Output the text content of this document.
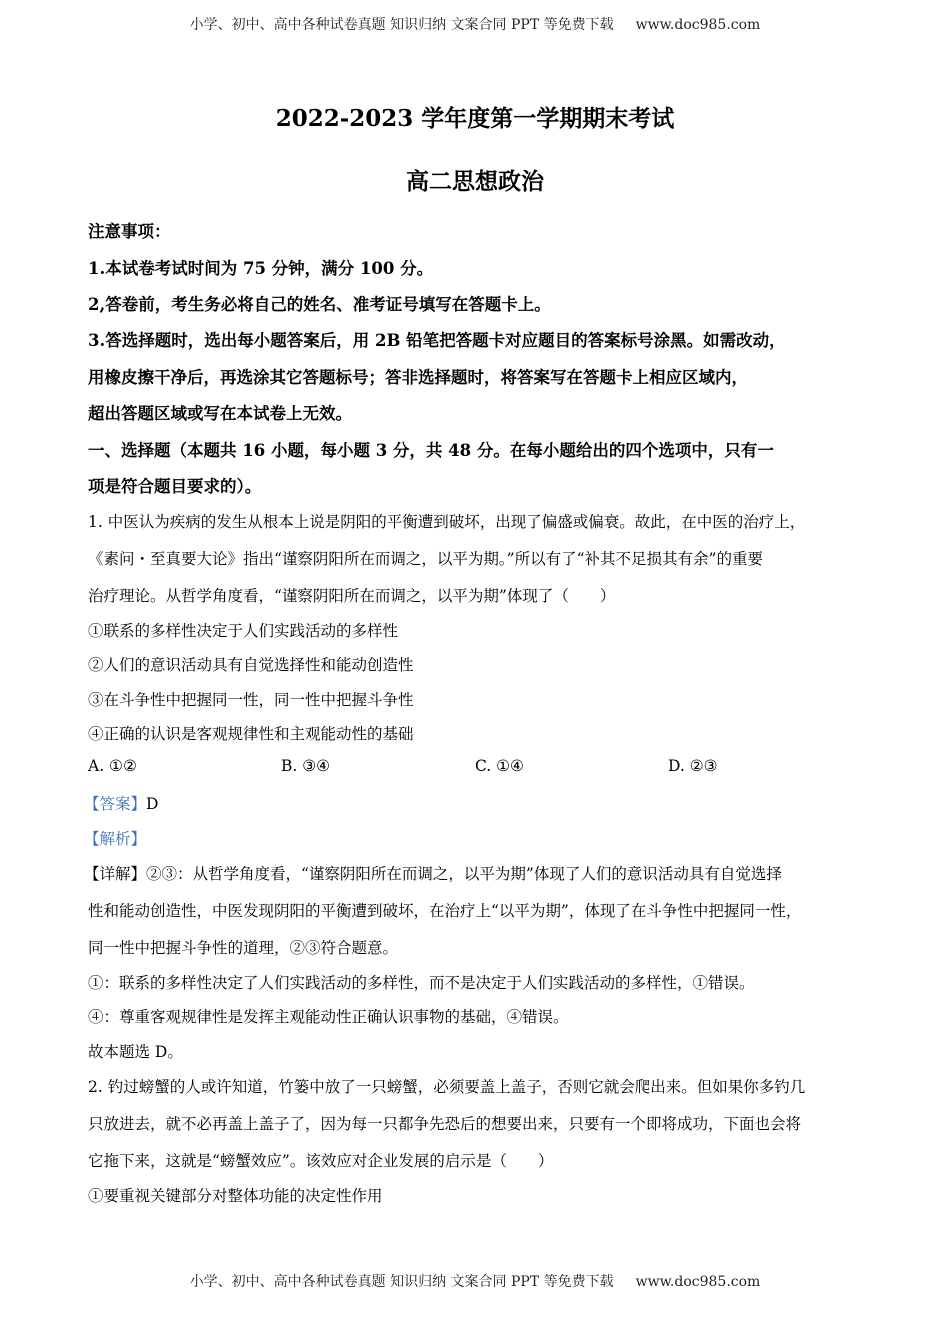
小学、初中、高中各种试卷真题 知识归纳 文案合同 PPT 等免费下载 www.doc985.com
2022-2023 学年度第一学期期末考试
高二思想政治
注意事项：
1.本试卷考试时间为 75 分钟，满分 100 分。
2,答卷前，考生务必将自己的姓名、准考证号填写在答题卡上。
3.答选择题时，选出每小题答案后，用 2B 铅笔把答题卡对应题目的答案标号涂黑。如需改动，
用橡皮擦干净后，再选涂其它答题标号；答非选择题时，将答案写在答题卡上相应区域内，
超出答题区域或写在本试卷上无效。
一、选择题（本题共 16 小题，每小题 3 分，共 48 分。在每小题给出的四个选项中，只有一
项是符合题目要求的）。
1. 中医认为疾病的发生从根本上说是阴阳的平衡遭到破坏，出现了偏盛或偏衰。故此，在中医的治疗上，
《素问・至真要大论》指出“谨察阴阳所在而调之，以平为期。”所以有了“补其不足损其有余”的重要
治疗理论。从哲学角度看，“谨察阴阳所在而调之，以平为期”体现了（　　）
①联系的多样性决定于人们实践活动的多样性
②人们的意识活动具有自觉选择性和能动创造性
③在斗争性中把握同一性，同一性中把握斗争性
④正确的认识是客观规律性和主观能动性的基础
A. ①②	B. ③④	C. ①④	D. ②③
【答案】D
【解析】
【详解】②③：从哲学角度看，“谨察阴阳所在而调之，以平为期”体现了人们的意识活动具有自觉选择
性和能动创造性，中医发现阴阳的平衡遭到破坏，在治疗上“以平为期”，体现了在斗争性中把握同一性，
同一性中把握斗争性的道理，②③符合题意。
①：联系的多样性决定了人们实践活动的多样性，而不是决定于人们实践活动的多样性，①错误。
④：尊重客观规律性是发挥主观能动性正确认识事物的基础，④错误。
故本题选 D。
2. 钓过螃蟹的人或许知道，竹篓中放了一只螃蟹，必须要盖上盖子，否则它就会爬出来。但如果你多钓几
只放进去，就不必再盖上盖子了，因为每一只都争先恐后的想要出来，只要有一个即将成功，下面也会将
它拖下来，这就是“螃蟹效应”。该效应对企业发展的启示是（　　）
①要重视关键部分对整体功能的决定性作用
小学、初中、高中各种试卷真题 知识归纳 文案合同 PPT 等免费下载 www.doc985.com
